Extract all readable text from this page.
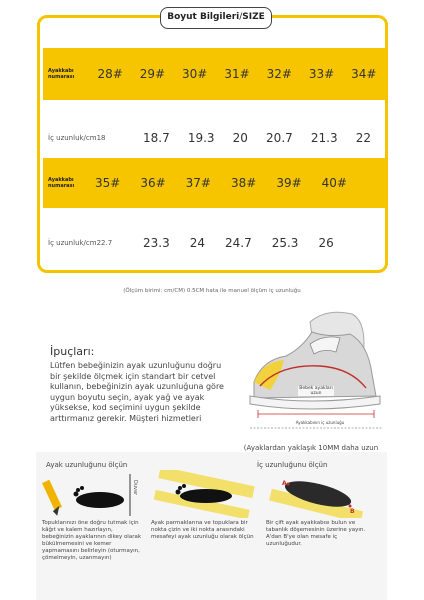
Boyut Bilgileri/SIZE
Ayakkabı numarası	28# 29# 30# 31# 32# 33# 34#
İç uzunluk/cm18	18.7 19.3 20 20.7 21.3 22
Ayakkabı numarası	35# 36# 37# 38# 39# 40#
İç uzunluk/cm22.7	23.3 24 24.7 25.3 26
(Ölçüm birimi: cm/CM) 0.5CM hata ile manuel ölçüm iç uzunluğu
İpuçları:
Lütfen bebeğinizin ayak uzunluğunu doğru bir şekilde ölçmek için standart bir cetvel kullanın, bebeğinizin ayak uzunluğuna göre uygun boyutu seçin, ayak yağ ve ayak yüksekse, kod seçimini uygun şekilde arttırmanız gerekir. Müşteri hizmetleri
Bebek ayakları uzun
Ayakkabının iç uzunluğu
(Ayaklardan yaklaşık 10MM daha uzun
Ayak uzunluğunu ölçün	İç uzunluğunu ölçün
Duvar	A
B
Topuklarınızı öne doğru tutmak için kâğıt ve kalem hazırlayın, bebeğinizin ayaklarının dikey olarak bükülmemesini ve kemer yapmamasını belirleyin (oturmayın, çömelmeyin, uzanmayın)
Ayak parmaklarına ve topuklara bir nokta çizin ve iki nokta arasındaki mesafeyi ayak uzunluğu olarak ölçün
Bir çift ayak ayakkabısı bulun ve tabanlık döşemesinin üzerine yayın. A'dan B'ye olan mesafe iç uzunluğudur.
